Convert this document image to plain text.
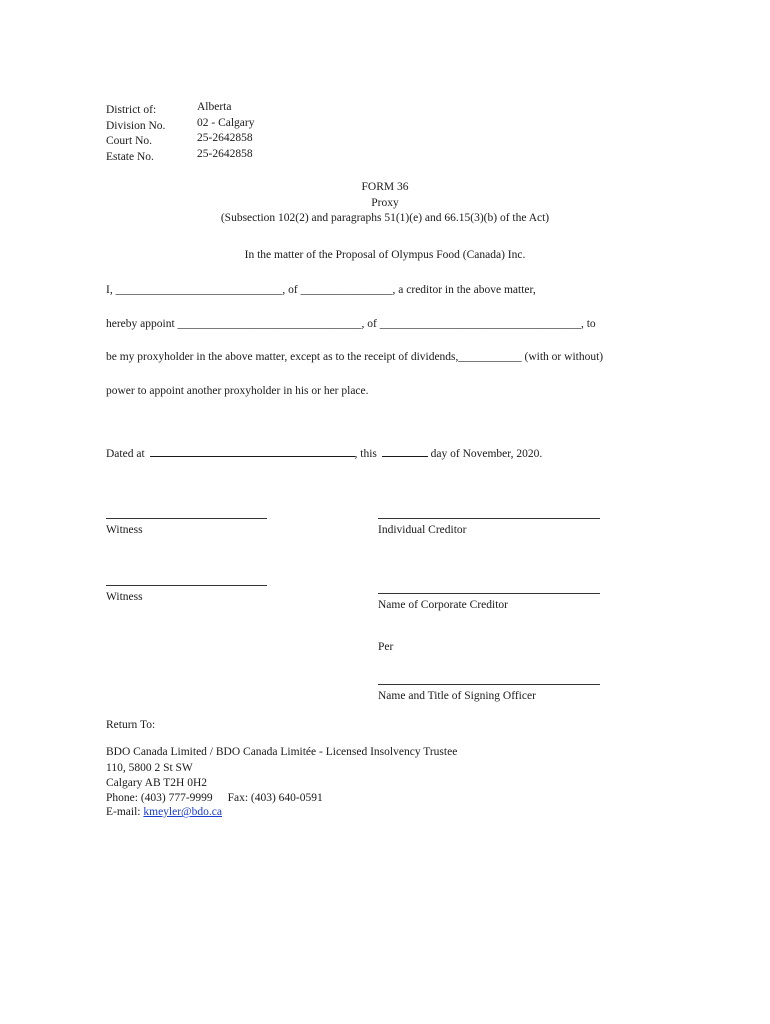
District of:	Alberta
Division No.	02 - Calgary
Court No.	25-2642858
Estate No.	25-2642858
FORM 36
Proxy
(Subsection 102(2) and paragraphs 51(1)(e) and 66.15(3)(b) of the Act)
In the matter of the Proposal of Olympus Food (Canada) Inc.
I, _____________________________, of ________________, a creditor in the above matter,
hereby appoint ________________________________, of ___________________________________, to
be my proxyholder in the above matter, except as to the receipt of dividends,___________ (with or without)
power to appoint another proxyholder in his or her place.
Dated at	, this	day of November, 2020.
Witness	Individual Creditor
Witness
Name of Corporate Creditor
Per
Name and Title of Signing Officer
Return To:
BDO Canada Limited / BDO Canada Limitée - Licensed Insolvency Trustee
110, 5800 2 St SW
Calgary AB T2H 0H2
Phone: (403) 777-9999 Fax: (403) 640-0591
E-mail: kmeyler@bdo.ca
